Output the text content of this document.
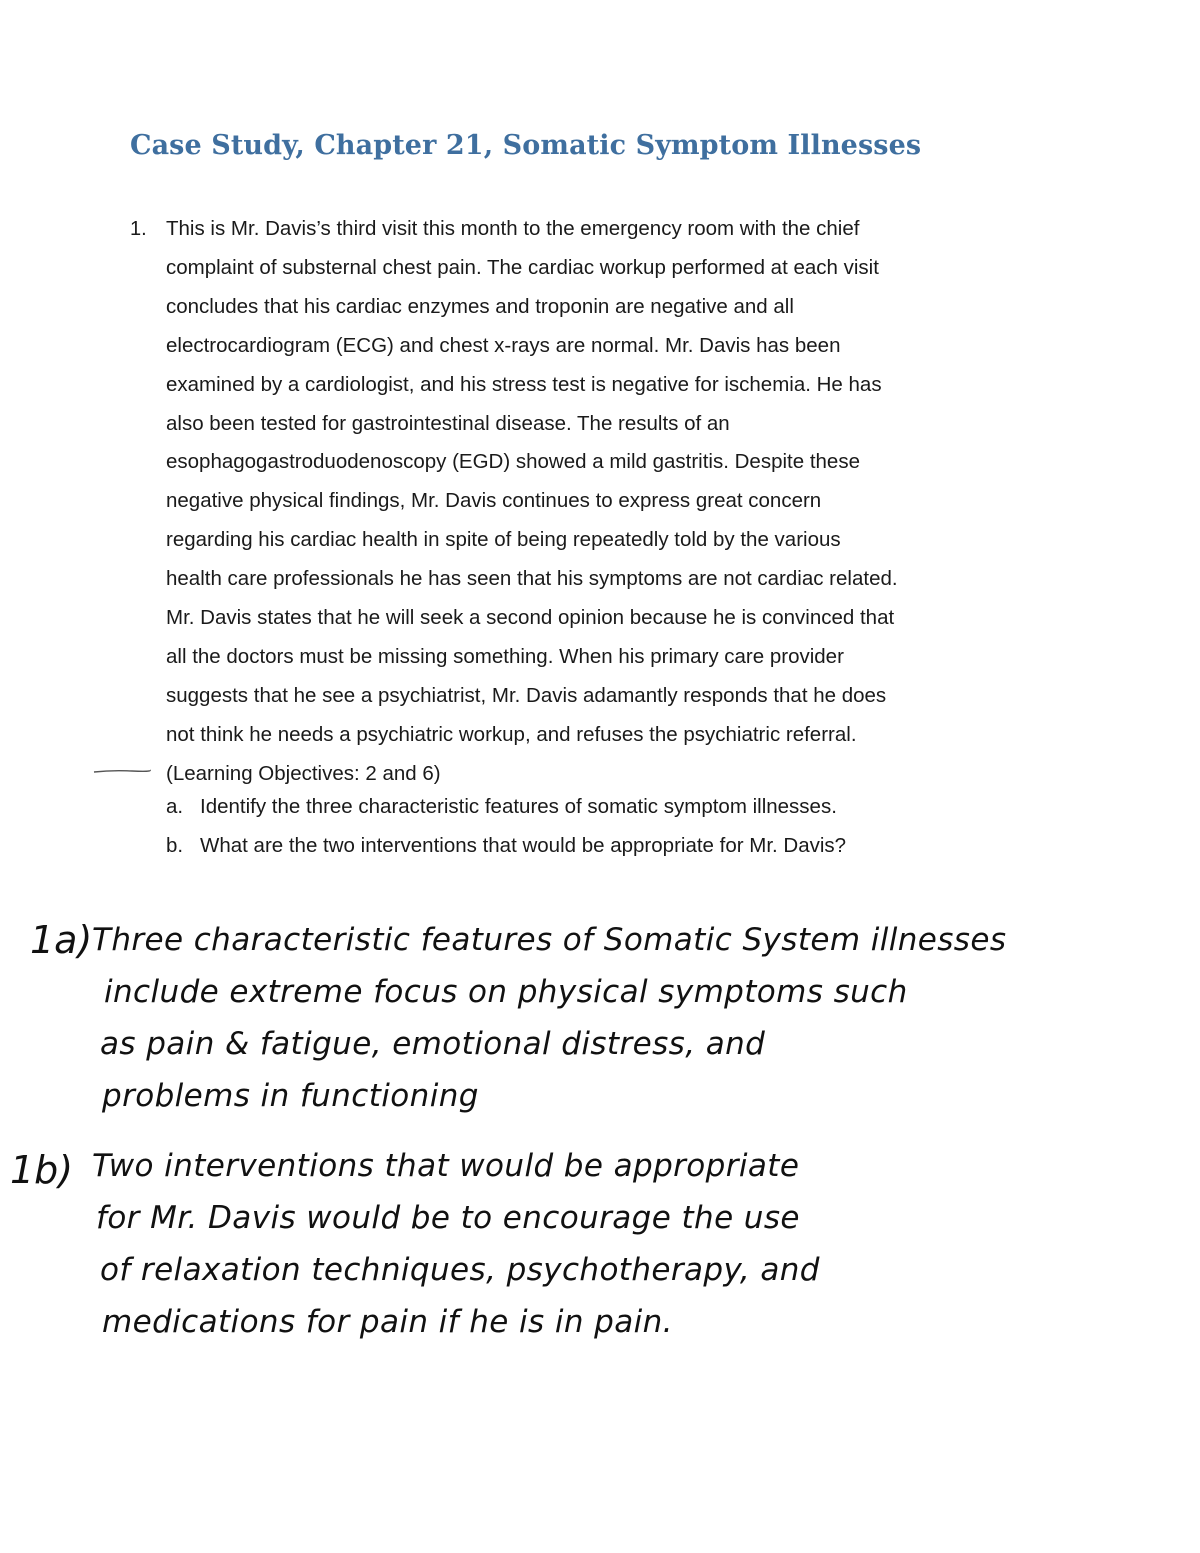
Case Study, Chapter 21, Somatic Symptom Illnesses
1. This is Mr. Davis’s third visit this month to the emergency room with the chief
complaint of substernal chest pain. The cardiac workup performed at each visit
concludes that his cardiac enzymes and troponin are negative and all
electrocardiogram (ECG) and chest x-rays are normal. Mr. Davis has been
examined by a cardiologist, and his stress test is negative for ischemia. He has
also been tested for gastrointestinal disease. The results of an
esophagogastroduodenoscopy (EGD) showed a mild gastritis. Despite these
negative physical findings, Mr. Davis continues to express great concern
regarding his cardiac health in spite of being repeatedly told by the various
health care professionals he has seen that his symptoms are not cardiac related.
Mr. Davis states that he will seek a second opinion because he is convinced that
all the doctors must be missing something. When his primary care provider
suggests that he see a psychiatrist, Mr. Davis adamantly responds that he does
not think he needs a psychiatric workup, and refuses the psychiatric referral.
(Learning Objectives: 2 and 6)
a. Identify the three characteristic features of somatic symptom illnesses.
b. What are the two interventions that would be appropriate for Mr. Davis?
1a) Three characteristic features of Somatic System illnesses
include extreme focus on physical symptoms such
as pain & fatigue, emotional distress, and
problems in functioning
1b) Two interventions that would be appropriate
for Mr. Davis would be to encourage the use
of relaxation techniques, psychotherapy, and
medications for pain if he is in pain.
